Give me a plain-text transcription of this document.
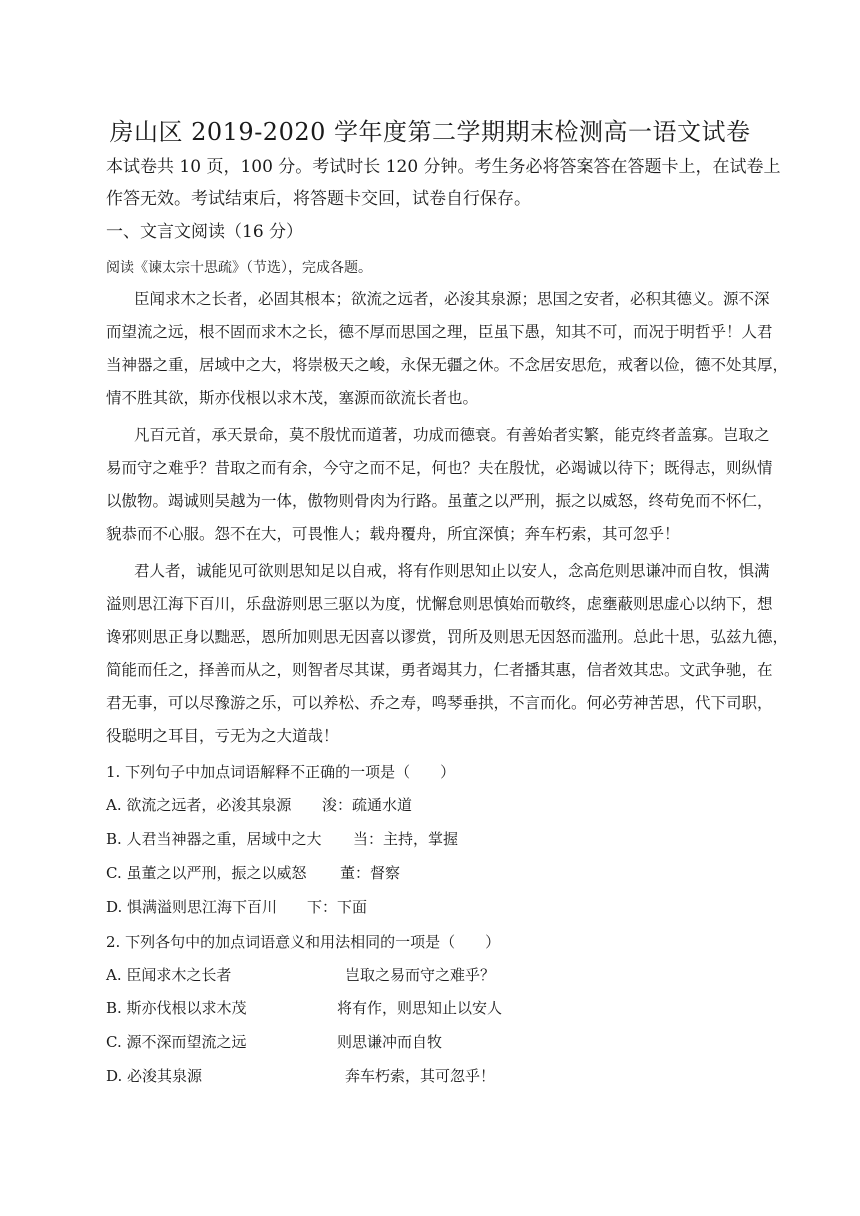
房山区 2019-2020 学年度第二学期期末检测高一语文试卷
本试卷共 10 页，100 分。考试时长 120 分钟。考生务必将答案答在答题卡上，在试卷上
作答无效。考试结束后，将答题卡交回，试卷自行保存。
一、文言文阅读（16 分）
阅读《谏太宗十思疏》（节选），完成各题。
臣闻求木之长者，必固其根本；欲流之远者，必浚其泉源；思国之安者，必积其德义。源不深
而望流之远，根不固而求木之长，德不厚而思国之理，臣虽下愚，知其不可，而况于明哲乎！人君
当神器之重，居域中之大，将崇极天之峻，永保无疆之休。不念居安思危，戒奢以俭，德不处其厚，
情不胜其欲，斯亦伐根以求木茂，塞源而欲流长者也。
凡百元首，承天景命，莫不殷忧而道著，功成而德衰。有善始者实繁，能克终者盖寡。岂取之
易而守之难乎？昔取之而有余，今守之而不足，何也？夫在殷忧，必竭诚以待下；既得志，则纵情
以傲物。竭诚则吴越为一体，傲物则骨肉为行路。虽董之以严刑，振之以威怒，终苟免而不怀仁，
貌恭而不心服。怨不在大，可畏惟人；载舟覆舟，所宜深慎；奔车朽索，其可忽乎！
君人者，诚能见可欲则思知足以自戒，将有作则思知止以安人，念高危则思谦冲而自牧，惧满
溢则思江海下百川，乐盘游则思三驱以为度，忧懈怠则思慎始而敬终，虑壅蔽则思虚心以纳下，想
谗邪则思正身以黜恶，恩所加则思无因喜以谬赏，罚所及则思无因怒而滥刑。总此十思，弘兹九德，
简能而任之，择善而从之，则智者尽其谋，勇者竭其力，仁者播其惠，信者效其忠。文武争驰，在
君无事，可以尽豫游之乐，可以养松、乔之寿，鸣琴垂拱，不言而化。何必劳神苦思，代下司职，
役聪明之耳目，亏无为之大道哉！
1. 下列句子中加点词语解释不正确的一项是（　　）
A. 欲流之远者，必浚其泉源	浚：疏通水道
B. 人君当神器之重，居域中之大	当：主持，掌握
C. 虽董之以严刑，振之以威怒	董：督察
D. 惧满溢则思江海下百川	下：下面
2. 下列各句中的加点词语意义和用法相同的一项是（　　）
A. 臣闻求木之长者	岂取之易而守之难乎？
B. 斯亦伐根以求木茂	将有作，则思知止以安人
C. 源不深而望流之远	则思谦冲而自牧
D. 必浚其泉源	奔车朽索，其可忽乎！
